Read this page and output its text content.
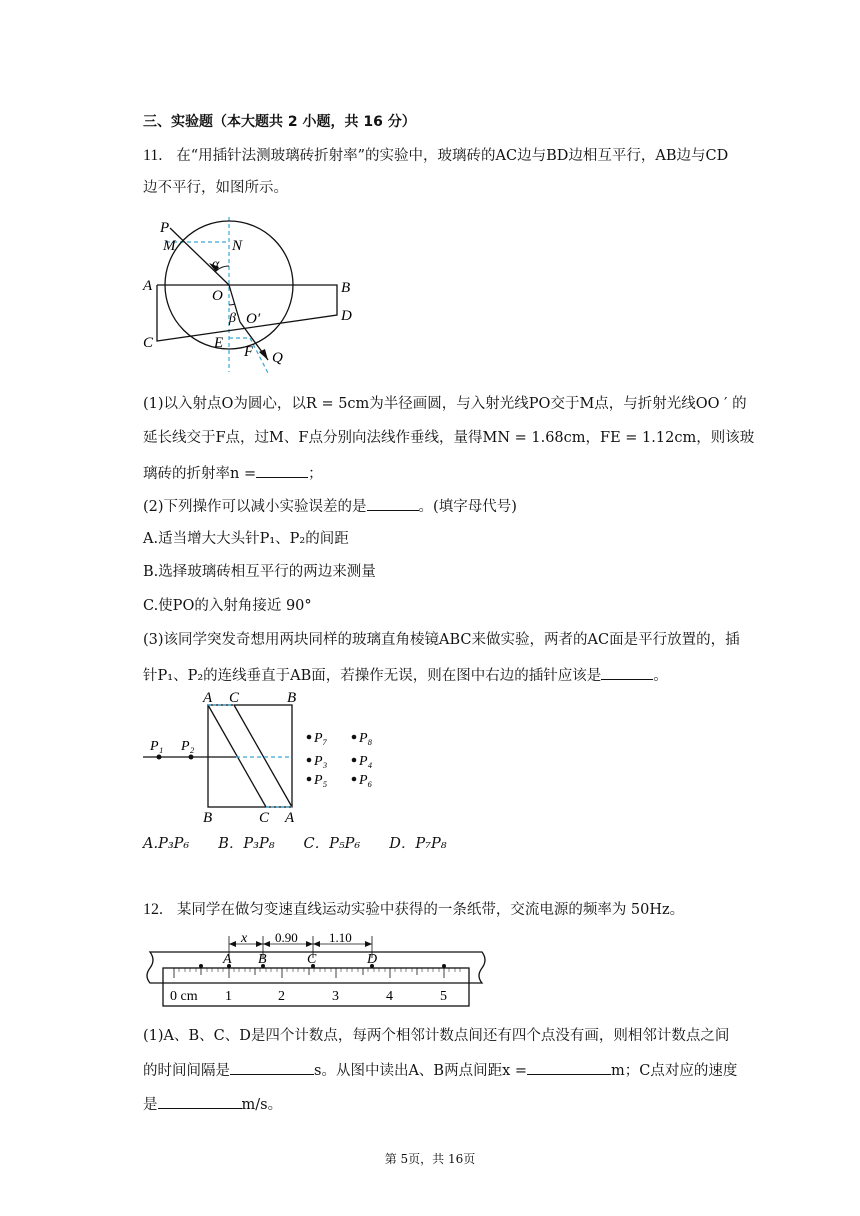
三、实验题（本大题共 2 小题，共 16 分）
11. 在“用插针法测玻璃砖折射率”的实验中，玻璃砖的AC边与BD边相互平行，AB边与CD
边不平行，如图所示。
P
M	N
α
A
O	B
D
C
β O′
E
F Q
(1)以入射点O为圆心，以R = 5cm为半径画圆，与入射光线PO交于M点，与折射光线OO ′ 的
延长线交于F点，过M、F点分别向法线作垂线，量得MN = 1.68cm，FE = 1.12cm，则该玻
璃砖的折射率n =	；
(2)下列操作可以减小实验误差的是	。(填字母代号)
A.适当增大大头针P₁、P₂的间距
B.选择玻璃砖相互平行的两边来测量
C.使PO的入射角接近 90°
(3)该同学突发奇想用两块同样的玻璃直角棱镜ABC来做实验，两者的AC面是平行放置的，插
针P₁、P₂的连线垂直于AB面，若操作无误，则在图中右边的插针应该是	。
A C	B
P₁ P₂
B	C A
P₇ P₈
P₃ P₄
P₅ P₆
A.P₃P₆　　B．P₃P₈　　C．P₅P₆　　D．P₇P₈
12. 某同学在做匀变速直线运动实验中获得的一条纸带，交流电源的频率为 50Hz。
x 0.90 1.10
A B	C	D
0 cm 1	2	3	4	5
(1)A、B、C、D是四个计数点，每两个相邻计数点间还有四个点没有画，则相邻计数点之间
的时间间隔是	s。从图中读出A、B两点间距x =	m；C点对应的速度
是	m/s。
第 5页，共 16页
